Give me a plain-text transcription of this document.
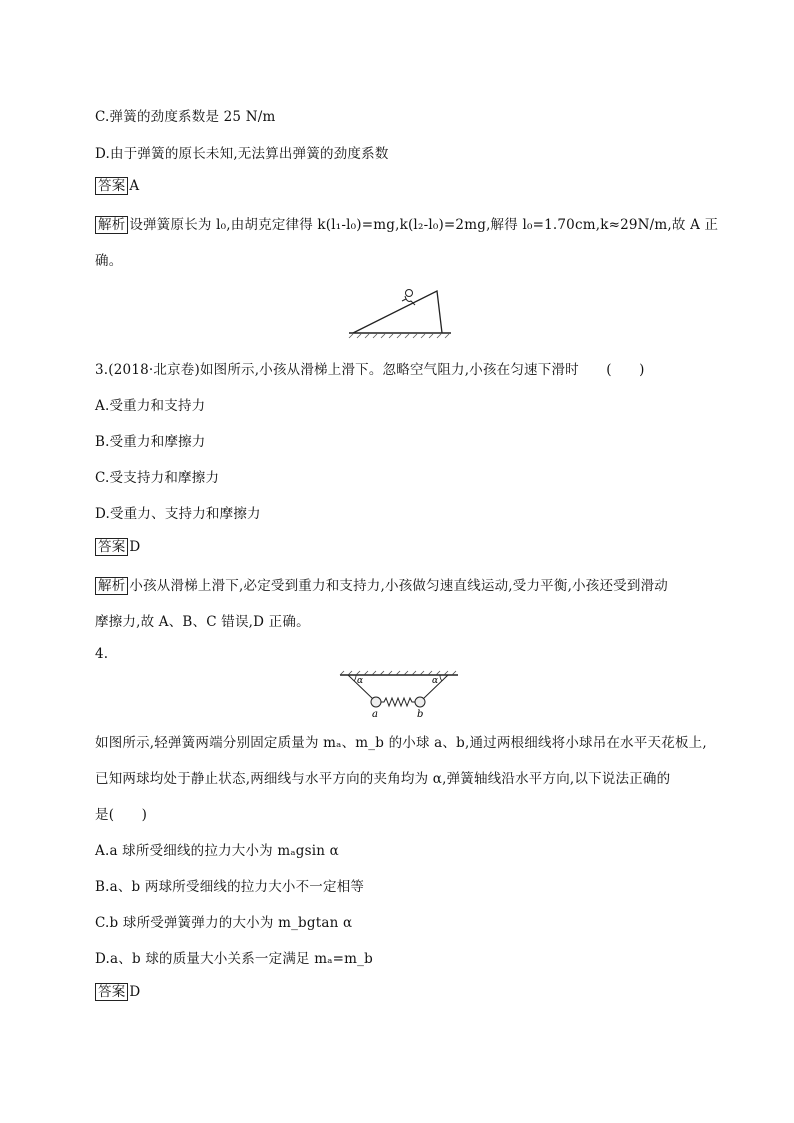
C.弹簧的劲度系数是 25 N/m
D.由于弹簧的原长未知,无法算出弹簧的劲度系数
答案 A
解析 设弹簧原长为 l₀,由胡克定律得 k(l₁-l₀)=mg,k(l₂-l₀)=2mg,解得 l₀=1.70cm,k≈29N/m,故 A 正
确。
3.(2018·北京卷)如图所示,小孩从滑梯上滑下。忽略空气阻力,小孩在匀速下滑时　　(　　)
A.受重力和支持力
B.受重力和摩擦力
C.受支持力和摩擦力
D.受重力、支持力和摩擦力
答案 D
解析 小孩从滑梯上滑下,必定受到重力和支持力,小孩做匀速直线运动,受力平衡,小孩还受到滑动
摩擦力,故 A、B、C 错误,D 正确。
4.
α	α
a	b
如图所示,轻弹簧两端分别固定质量为 mₐ、m_b 的小球 a、b,通过两根细线将小球吊在水平天花板上,
已知两球均处于静止状态,两细线与水平方向的夹角均为 α,弹簧轴线沿水平方向,以下说法正确的
是(　　)
A.a 球所受细线的拉力大小为 mₐgsin α
B.a、b 两球所受细线的拉力大小不一定相等
C.b 球所受弹簧弹力的大小为 m_bgtan α
D.a、b 球的质量大小关系一定满足 mₐ=m_b
答案 D
